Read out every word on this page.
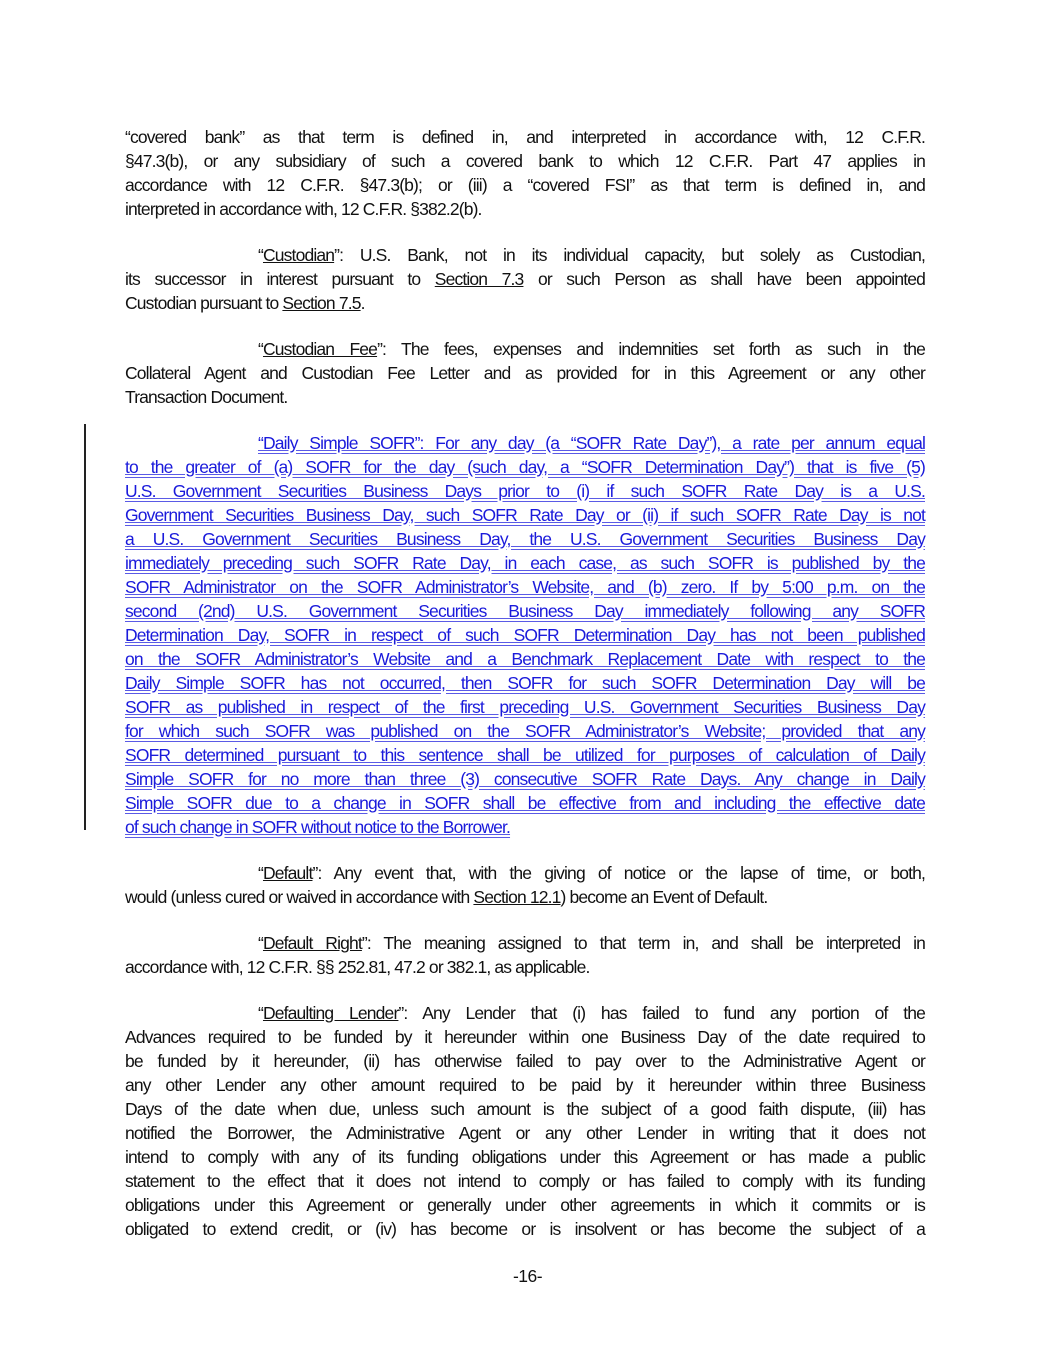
“covered bank” as that term is defined in, and interpreted in accordance with, 12 C.F.R.
§47.3(b), or any subsidiary of such a covered bank to which 12 C.F.R. Part 47 applies in
accordance with 12 C.F.R. §47.3(b); or (iii) a “covered FSI” as that term is defined in, and
interpreted in accordance with, 12 C.F.R. §382.2(b).
“Custodian”: U.S. Bank, not in its individual capacity, but solely as Custodian,
its successor in interest pursuant to Section 7.3 or such Person as shall have been appointed
Custodian pursuant to Section 7.5.
“Custodian Fee”: The fees, expenses and indemnities set forth as such in the
Collateral Agent and Custodian Fee Letter and as provided for in this Agreement or any other
Transaction Document.
“Daily Simple SOFR”: For any day (a “SOFR Rate Day”), a rate per annum equal
to the greater of (a) SOFR for the day (such day, a “SOFR Determination Day”) that is five (5)
U.S. Government Securities Business Days prior to (i) if such SOFR Rate Day is a U.S.
Government Securities Business Day, such SOFR Rate Day or (ii) if such SOFR Rate Day is not
a U.S. Government Securities Business Day, the U.S. Government Securities Business Day
immediately preceding such SOFR Rate Day, in each case, as such SOFR is published by the
SOFR Administrator on the SOFR Administrator’s Website, and (b) zero. If by 5:00 p.m. on the
second (2nd) U.S. Government Securities Business Day immediately following any SOFR
Determination Day, SOFR in respect of such SOFR Determination Day has not been published
on the SOFR Administrator’s Website and a Benchmark Replacement Date with respect to the
Daily Simple SOFR has not occurred, then SOFR for such SOFR Determination Day will be
SOFR as published in respect of the first preceding U.S. Government Securities Business Day
for which such SOFR was published on the SOFR Administrator’s Website; provided that any
SOFR determined pursuant to this sentence shall be utilized for purposes of calculation of Daily
Simple SOFR for no more than three (3) consecutive SOFR Rate Days. Any change in Daily
Simple SOFR due to a change in SOFR shall be effective from and including the effective date
of such change in SOFR without notice to the Borrower.
“Default”: Any event that, with the giving of notice or the lapse of time, or both,
would (unless cured or waived in accordance with Section 12.1) become an Event of Default.
“Default Right”: The meaning assigned to that term in, and shall be interpreted in
accordance with, 12 C.F.R. §§ 252.81, 47.2 or 382.1, as applicable.
“Defaulting Lender”: Any Lender that (i) has failed to fund any portion of the
Advances required to be funded by it hereunder within one Business Day of the date required to
be funded by it hereunder, (ii) has otherwise failed to pay over to the Administrative Agent or
any other Lender any other amount required to be paid by it hereunder within three Business
Days of the date when due, unless such amount is the subject of a good faith dispute, (iii) has
notified the Borrower, the Administrative Agent or any other Lender in writing that it does not
intend to comply with any of its funding obligations under this Agreement or has made a public
statement to the effect that it does not intend to comply or has failed to comply with its funding
obligations under this Agreement or generally under other agreements in which it commits or is
obligated to extend credit, or (iv) has become or is insolvent or has become the subject of a
-16-
